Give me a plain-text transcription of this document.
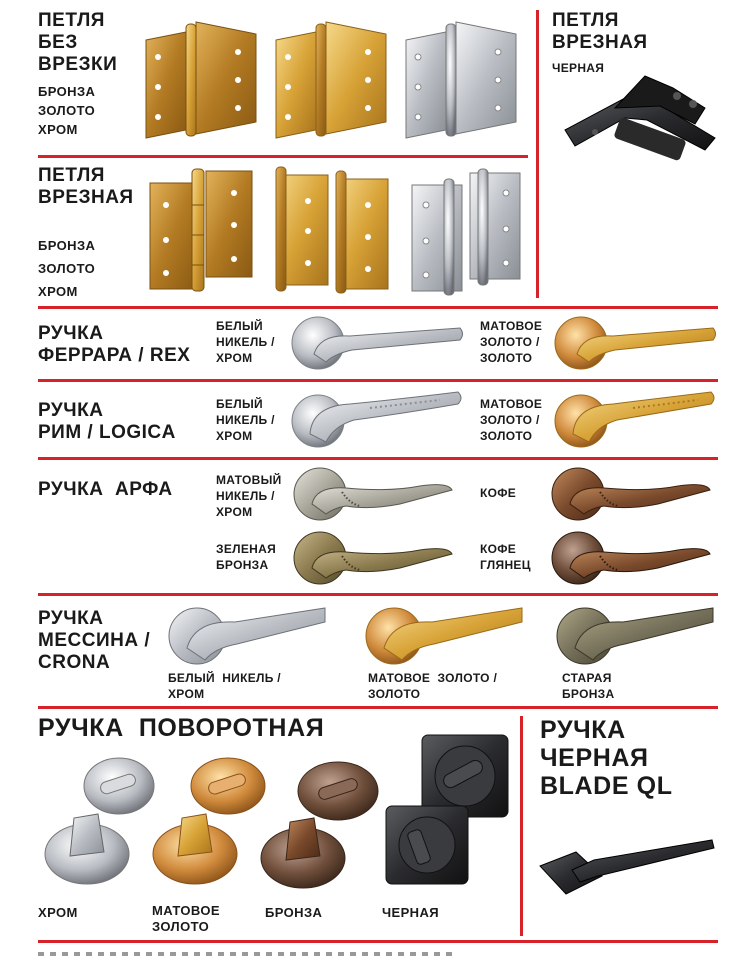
ПЕТЛЯ
БЕЗ
ВРЕЗКИ
БРОНЗА
ЗОЛОТО
ХРОМ
ПЕТЛЯ
ВРЕЗНАЯ
ЧЕРНАЯ
ПЕТЛЯ
ВРЕЗНАЯ
БРОНЗА
ЗОЛОТО
ХРОМ
РУЧКА
ФЕРРАРА / REX
БЕЛЫЙ
НИКЕЛЬ /
ХРОМ
МАТОВОЕ
ЗОЛОТО /
ЗОЛОТО
РУЧКА
РИМ / LOGICA
БЕЛЫЙ
НИКЕЛЬ /
ХРОМ
МАТОВОЕ
ЗОЛОТО /
ЗОЛОТО
РУЧКА  АРФА	МАТОВЫЙ
НИКЕЛЬ /
ХРОМ
КОФЕ
ЗЕЛЕНАЯ
БРОНЗА
КОФЕ
ГЛЯНЕЦ
РУЧКА
МЕССИНА /
CRONA
БЕЛЫЙ  НИКЕЛЬ /
ХРОМ
МАТОВОЕ  ЗОЛОТО /
ЗОЛОТО
СТАРАЯ
БРОНЗА
РУЧКА  ПОВОРОТНАЯ
ХРОМ	МАТОВОЕ
ЗОЛОТО
БРОНЗА	ЧЕРНАЯ
РУЧКА
ЧЕРНАЯ
BLADE QL
